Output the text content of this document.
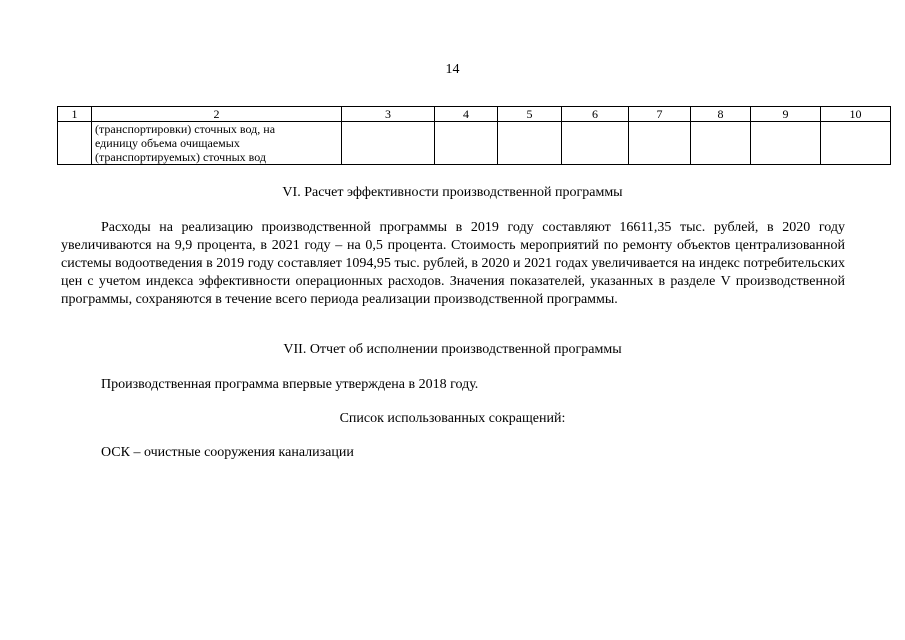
14
1	2	3	4	5	6	7	8	9	10

	(транспортировки) сточных вод, на
единицу объема очищаемых
(транспортируемых) сточных вод								

VI. Расчет эффективности производственной программы
Расходы на реализацию производственной программы в 2019 году составляют 16611,35 тыс. рублей, в 2020 году увеличиваются на 9,9 процента, в 2021 году – на 0,5 процента. Стоимость мероприятий по ремонту объектов централизованной системы водоотведения в 2019 году составляет 1094,95 тыс. рублей, в 2020 и 2021 годах увеличивается на индекс потребительских цен с учетом индекса эффективности операционных расходов. Значения показателей, указанных в разделе V производственной программы, сохраняются в течение всего периода реализации производственной программы.
VII. Отчет об исполнении производственной программы
Производственная программа впервые утверждена в 2018 году.
Список использованных сокращений:
ОСК – очистные сооружения канализации
